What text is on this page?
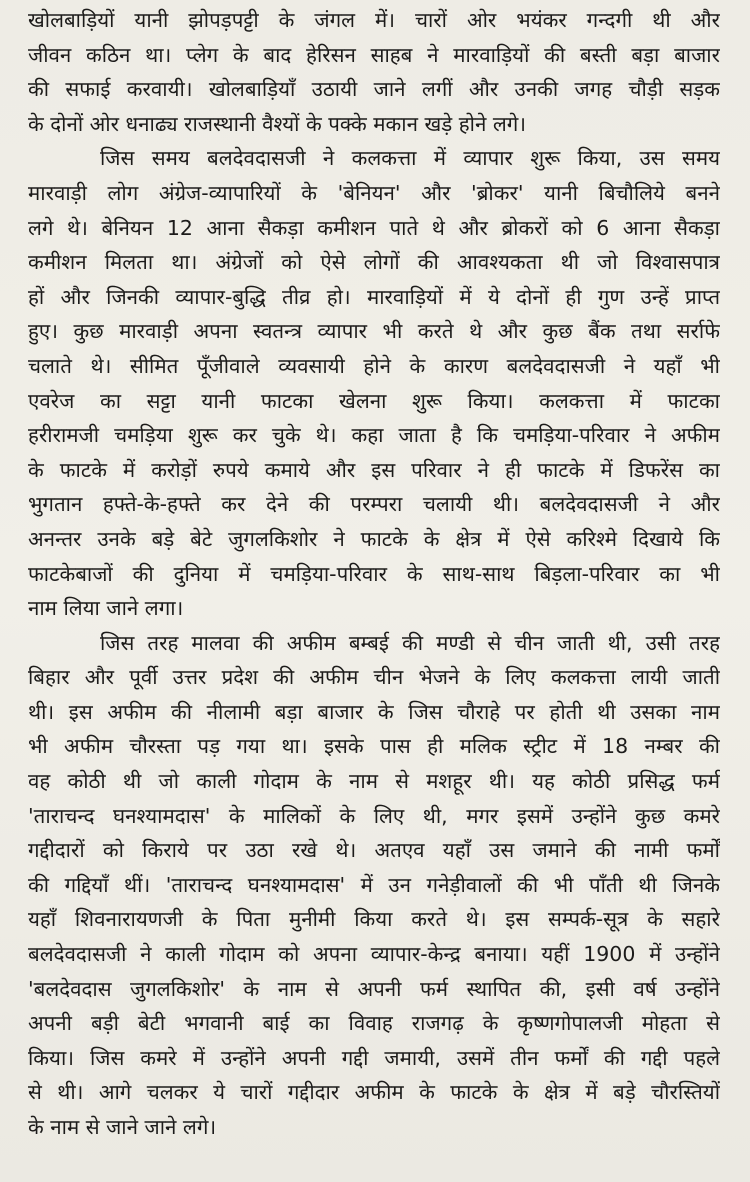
खोलबाड़ियों यानी झोपड़पट्टी के जंगल में। चारों ओर भयंकर गन्दगी थी और
जीवन कठिन था। प्लेग के बाद हेरिसन साहब ने मारवाड़ियों की बस्ती बड़ा बाजार
की सफाई करवायी। खोलबाड़ियाँ उठायी जाने लगीं और उनकी जगह चौड़ी सड़क
के दोनों ओर धनाढ्य राजस्थानी वैश्यों के पक्के मकान खड़े होने लगे।
जिस समय बलदेवदासजी ने कलकत्ता में व्यापार शुरू किया, उस समय
मारवाड़ी लोग अंग्रेज-व्यापारियों के 'बेनियन' और 'ब्रोकर' यानी बिचौलिये बनने
लगे थे। बेनियन 12 आना सैकड़ा कमीशन पाते थे और ब्रोकरों को 6 आना सैकड़ा
कमीशन मिलता था। अंग्रेजों को ऐसे लोगों की आवश्यकता थी जो विश्वासपात्र
हों और जिनकी व्यापार-बुद्धि तीव्र हो। मारवाड़ियों में ये दोनों ही गुण उन्हें प्राप्त
हुए। कुछ मारवाड़ी अपना स्वतन्त्र व्यापार भी करते थे और कुछ बैंक तथा सर्राफे
चलाते थे। सीमित पूँजीवाले व्यवसायी होने के कारण बलदेवदासजी ने यहाँ भी
एवरेज का सट्टा यानी फाटका खेलना शुरू किया। कलकत्ता में फाटका
हरीरामजी चमड़िया शुरू कर चुके थे। कहा जाता है कि चमड़िया-परिवार ने अफीम
के फाटके में करोड़ों रुपये कमाये और इस परिवार ने ही फाटके में डिफरेंस का
भुगतान हफ्ते-के-हफ्ते कर देने की परम्परा चलायी थी। बलदेवदासजी ने और
अनन्तर उनके बड़े बेटे जुगलकिशोर ने फाटके के क्षेत्र में ऐसे करिश्मे दिखाये कि
फाटकेबाजों की दुनिया में चमड़िया-परिवार के साथ-साथ बिड़ला-परिवार का भी
नाम लिया जाने लगा।
जिस तरह मालवा की अफीम बम्बई की मण्डी से चीन जाती थी, उसी तरह
बिहार और पूर्वी उत्तर प्रदेश की अफीम चीन भेजने के लिए कलकत्ता लायी जाती
थी। इस अफीम की नीलामी बड़ा बाजार के जिस चौराहे पर होती थी उसका नाम
भी अफीम चौरस्ता पड़ गया था। इसके पास ही मलिक स्ट्रीट में 18 नम्बर की
वह कोठी थी जो काली गोदाम के नाम से मशहूर थी। यह कोठी प्रसिद्ध फर्म
'ताराचन्द घनश्यामदास' के मालिकों के लिए थी, मगर इसमें उन्होंने कुछ कमरे
गद्दीदारों को किराये पर उठा रखे थे। अतएव यहाँ उस जमाने की नामी फर्मों
की गद्दियाँ थीं। 'ताराचन्द घनश्यामदास' में उन गनेड़ीवालों की भी पाँती थी जिनके
यहाँ शिवनारायणजी के पिता मुनीमी किया करते थे। इस सम्पर्क-सूत्र के सहारे
बलदेवदासजी ने काली गोदाम को अपना व्यापार-केन्द्र बनाया। यहीं 1900 में उन्होंने
'बलदेवदास जुगलकिशोर' के नाम से अपनी फर्म स्थापित की, इसी वर्ष उन्होंने
अपनी बड़ी बेटी भगवानी बाई का विवाह राजगढ़ के कृष्णगोपालजी मोहता से
किया। जिस कमरे में उन्होंने अपनी गद्दी जमायी, उसमें तीन फर्मों की गद्दी पहले
से थी। आगे चलकर ये चारों गद्दीदार अफीम के फाटके के क्षेत्र में बड़े चौरस्तियों
के नाम से जाने जाने लगे।
